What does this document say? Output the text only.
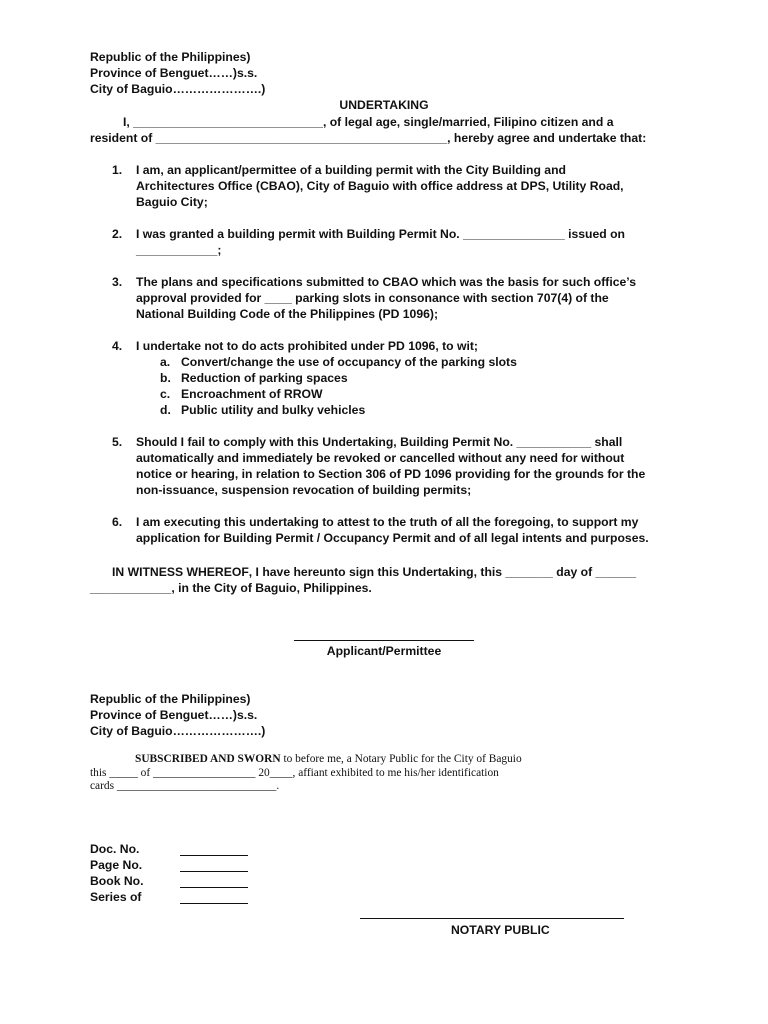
Republic of the Philippines)
Province of Benguet……)s.s.
City of Baguio………………….)
UNDERTAKING
I, ____________________________, of legal age, single/married, Filipino citizen and a
resident of ___________________________________________, hereby agree and undertake that:
1. I am, an applicant/permittee of a building permit with the City Building and
Architectures Office (CBAO), City of Baguio with office address at DPS, Utility Road,
Baguio City;
2. I was granted a building permit with Building Permit No. _______________ issued on
____________;
3. The plans and specifications submitted to CBAO which was the basis for such office’s
approval provided for ____ parking slots in consonance with section 707(4) of the
National Building Code of the Philippines (PD 1096);
4. I undertake not to do acts prohibited under PD 1096, to wit;
a. Convert/change the use of occupancy of the parking slots
b. Reduction of parking spaces
c. Encroachment of RROW
d. Public utility and bulky vehicles
5. Should I fail to comply with this Undertaking, Building Permit No. ___________ shall
automatically and immediately be revoked or cancelled without any need for without
notice or hearing, in relation to Section 306 of PD 1096 providing for the grounds for the
non-issuance, suspension revocation of building permits;
6. I am executing this undertaking to attest to the truth of all the foregoing, to support my
application for Building Permit / Occupancy Permit and of all legal intents and purposes.
IN WITNESS WHEREOF, I have hereunto sign this Undertaking, this _______ day of ______
____________, in the City of Baguio, Philippines.
Applicant/Permittee
Republic of the Philippines)
Province of Benguet……)s.s.
City of Baguio………………….)
SUBSCRIBED AND SWORN to before me, a Notary Public for the City of Baguio
this _____ of __________________ 20____, affiant exhibited to me his/her identification
cards ____________________________.
Doc. No.
Page No.
Book No.
Series of
NOTARY PUBLIC
